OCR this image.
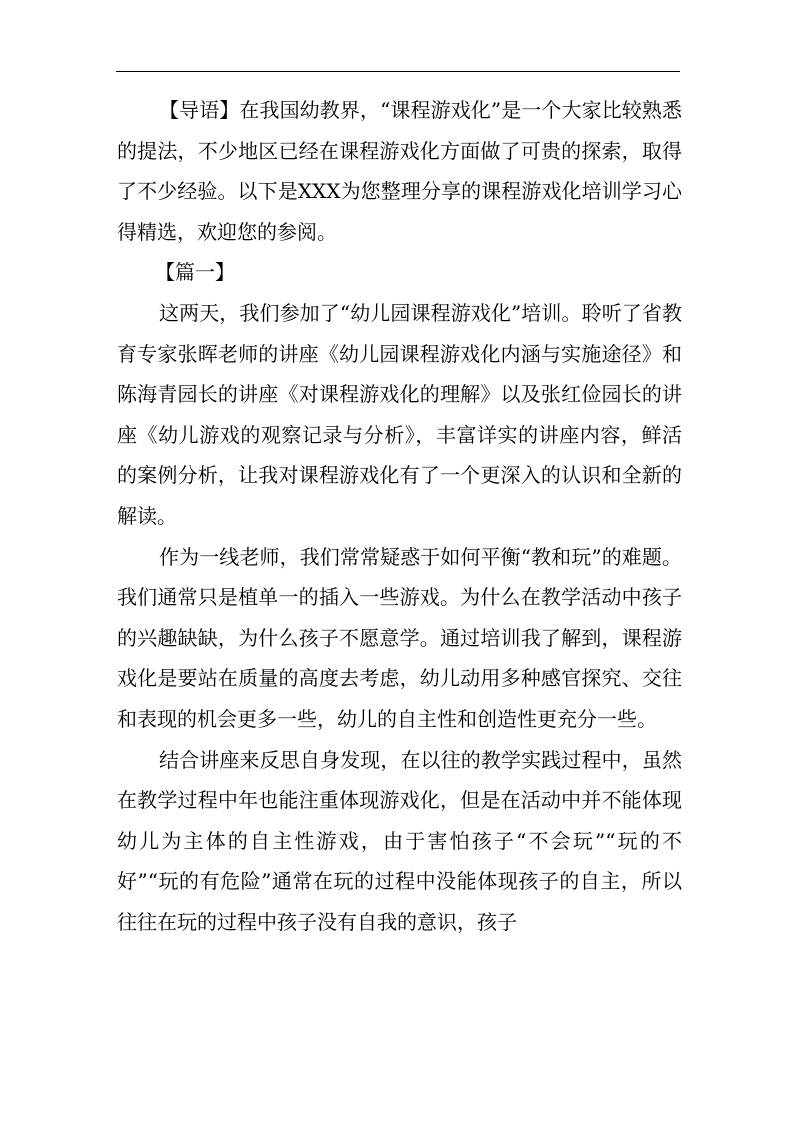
【导语】在我国幼教界，“课程游戏化”是一个大家比较熟悉的提法，不少地区已经在课程游戏化方面做了可贵的探索，取得了不少经验。以下是XXX为您整理分享的课程游戏化培训学习心得精选，欢迎您的参阅。

【篇一】

这两天，我们参加了“幼儿园课程游戏化”培训。聆听了省教育专家张晖老师的讲座《幼儿园课程游戏化内涵与实施途径》和陈海青园长的讲座《对课程游戏化的理解》以及张红俭园长的讲座《幼儿游戏的观察记录与分析》，丰富详实的讲座内容，鲜活的案例分析，让我对课程游戏化有了一个更深入的认识和全新的解读。

作为一线老师，我们常常疑惑于如何平衡“教和玩”的难题。我们通常只是植单一的插入一些游戏。为什么在教学活动中孩子的兴趣缺缺，为什么孩子不愿意学。通过培训我了解到，课程游戏化是要站在质量的高度去考虑，幼儿动用多种感官探究、交往和表现的机会更多一些，幼儿的自主性和创造性更充分一些。

结合讲座来反思自身发现，在以往的教学实践过程中，虽然在教学过程中年也能注重体现游戏化，但是在活动中并不能体现幼儿为主体的自主性游戏，由于害怕孩子“不会玩”“玩的不好”“玩的有危险”通常在玩的过程中没能体现孩子的自主，所以往往在玩的过程中孩子没有自我的意识，孩子
